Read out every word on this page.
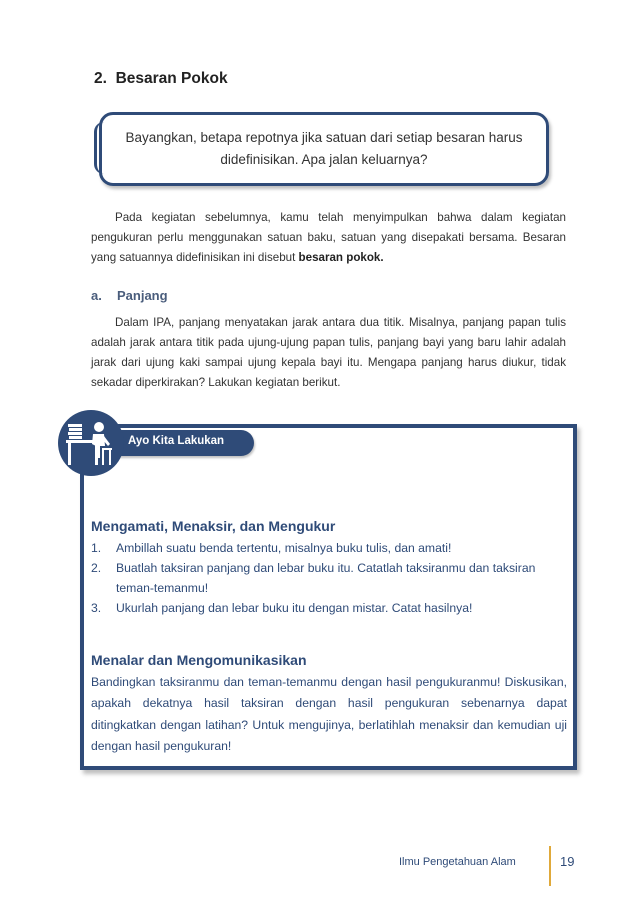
2. Besaran Pokok
Bayangkan, betapa repotnya jika satuan dari setiap besaran harus
didefinisikan. Apa jalan keluarnya?
Pada kegiatan sebelumnya, kamu telah menyimpulkan bahwa dalam kegiatan pengukuran perlu menggunakan satuan baku, satuan yang disepakati bersama. Besaran yang satuannya didefinisikan ini disebut besaran pokok.
a. Panjang
Dalam IPA, panjang menyatakan jarak antara dua titik. Misalnya, panjang papan tulis adalah jarak antara titik pada ujung-ujung papan tulis, panjang bayi yang baru lahir adalah jarak dari ujung kaki sampai ujung kepala bayi itu. Mengapa panjang harus diukur, tidak sekadar diperkirakan? Lakukan kegiatan berikut.
Ayo Kita Lakukan
Mengamati, Menaksir, dan Mengukur
1. Ambillah suatu benda tertentu, misalnya buku tulis, dan amati!
2. Buatlah taksiran panjang dan lebar buku itu. Catatlah taksiranmu dan taksiran teman-temanmu!
3. Ukurlah panjang dan lebar buku itu dengan mistar. Catat hasilnya!
Menalar dan Mengomunikasikan
Bandingkan taksiranmu dan teman-temanmu dengan hasil pengukuranmu! Diskusikan, apakah dekatnya hasil taksiran dengan hasil pengukuran sebenarnya dapat ditingkatkan dengan latihan? Untuk mengujinya, berlatihlah menaksir dan kemudian uji dengan hasil pengukuran!
Ilmu Pengetahuan Alam	19
